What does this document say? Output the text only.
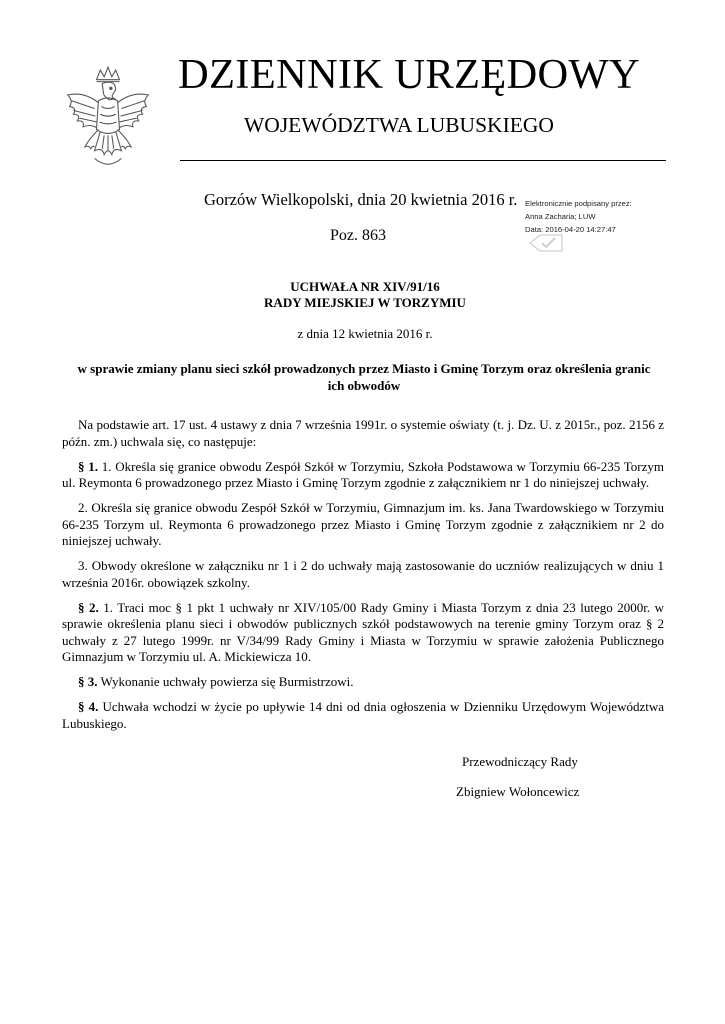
DZIENNIK URZĘDOWY
WOJEWÓDZTWA LUBUSKIEGO
Gorzów Wielkopolski, dnia 20 kwietnia 2016 r.
Poz. 863
Elektronicznie podpisany przez:
Anna Zacharia; LUW
Data: 2016-04-20 14:27:47
UCHWAŁA NR XIV/91/16
RADY MIEJSKIEJ W TORZYMIU
z dnia 12 kwietnia 2016 r.
w sprawie zmiany planu sieci szkół prowadzonych przez Miasto i Gminę Torzym oraz określenia granic
ich obwodów

Na podstawie art. 17 ust. 4 ustawy z dnia 7 września 1991r. o systemie oświaty (t. j. Dz. U. z 2015r., poz. 2156 z późn. zm.) uchwala się, co następuje:

§ 1. 1. Określa się granice obwodu Zespół Szkół w Torzymiu, Szkoła Podstawowa w Torzymiu 66-235 Torzym ul. Reymonta 6 prowadzonego przez Miasto i Gminę Torzym zgodnie z załącznikiem nr 1 do niniejszej uchwały.

2. Określa się granice obwodu Zespół Szkół w Torzymiu, Gimnazjum im. ks. Jana Twardowskiego w Torzymiu 66-235 Torzym ul. Reymonta 6 prowadzonego przez Miasto i Gminę Torzym zgodnie z załącznikiem nr 2 do niniejszej uchwały.

3. Obwody określone w załączniku nr 1 i 2 do uchwały mają zastosowanie do uczniów realizujących w dniu 1 września 2016r. obowiązek szkolny.

§ 2. 1. Traci moc § 1 pkt 1 uchwały nr XIV/105/00 Rady Gminy i Miasta Torzym z dnia 23 lutego 2000r. w sprawie określenia planu sieci i obwodów publicznych szkół podstawowych na terenie gminy Torzym oraz § 2 uchwały z 27 lutego 1999r. nr V/34/99 Rady Gminy i Miasta w Torzymiu w sprawie założenia Publicznego Gimnazjum w Torzymiu ul. A. Mickiewicza 10.

§ 3. Wykonanie uchwały powierza się Burmistrzowi.

§ 4. Uchwała wchodzi w życie po upływie 14 dni od dnia ogłoszenia w Dzienniku Urzędowym Województwa Lubuskiego.

Przewodniczący Rady
Zbigniew Wołoncewicz
